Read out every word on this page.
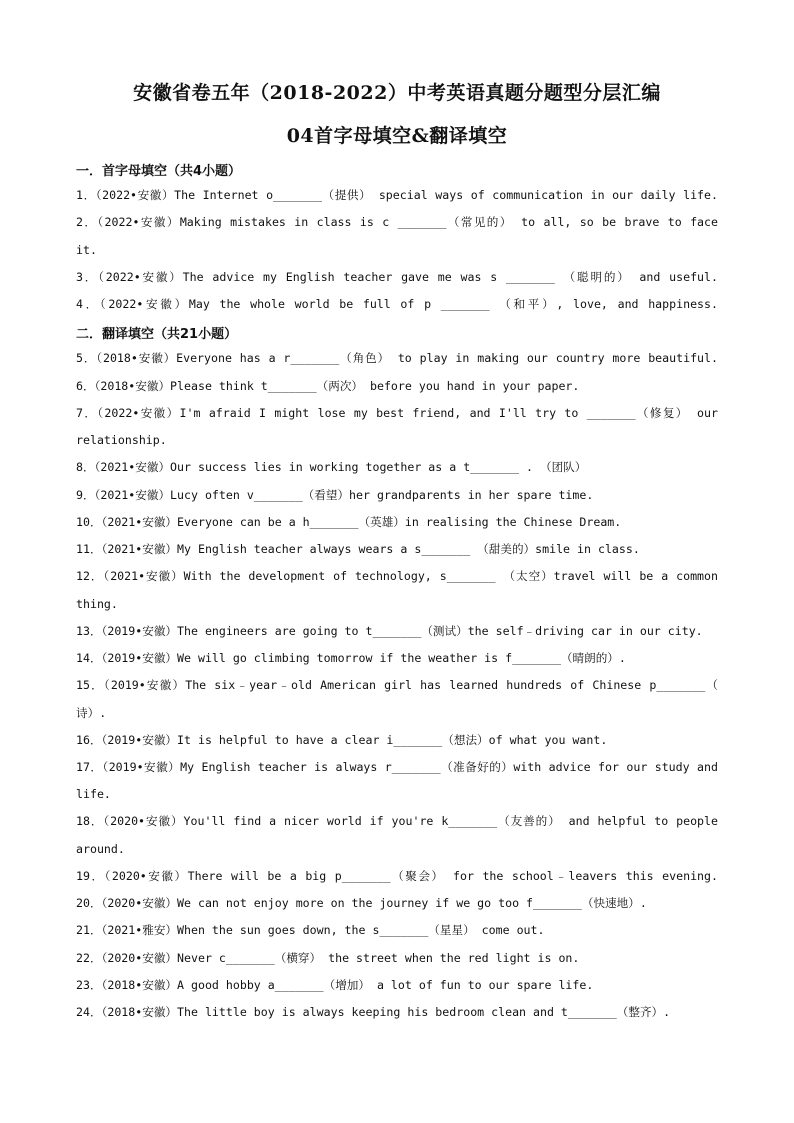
安徽省卷五年（2018-2022）中考英语真题分题型分层汇编
04首字母填空&翻译填空
一．首字母填空（共4小题）
1．（2022•安徽）The Internet o_______（提供） special ways of communication in our daily life.
2．（2022•安徽）Making mistakes in class is c _______（常见的） to all, so be brave to face
it.
3．（2022•安徽）The advice my English teacher gave me was s _______ （聪明的） and useful.
4．（2022•安徽）May the whole world be full of p _______ （和平）, love, and happiness.
二．翻译填空（共21小题）
5．（2018•安徽）Everyone has a r_______（角色） to play in making our country more beautiful.
6．（2018•安徽）Please think t_______（两次） before you hand in your paper.
7．（2022•安徽）I'm afraid I might lose my best friend, and I'll try to _______（修复） our
relationship.
8．（2021•安徽）Our success lies in working together as a t_______ . （团队）
9．（2021•安徽）Lucy often v_______（看望）her grandparents in her spare time.
10．（2021•安徽）Everyone can be a h_______（英雄）in realising the Chinese Dream.
11．（2021•安徽）My English teacher always wears a s_______ （甜美的）smile in class.
12．（2021•安徽）With the development of technology, s_______ （太空）travel will be a common
thing.
13．（2019•安徽）The engineers are going to t_______（测试）the self﹣driving car in our city.
14．（2019•安徽）We will go climbing tomorrow if the weather is f_______（晴朗的）.
15．（2019•安徽）The six﹣year﹣old American girl has learned hundreds of Chinese p_______（
诗）.
16．（2019•安徽）It is helpful to have a clear i_______（想法）of what you want.
17．（2019•安徽）My English teacher is always r_______（准备好的）with advice for our study and
life.
18．（2020•安徽）You'll find a nicer world if you're k_______（友善的） and helpful to people
around.
19．（2020•安徽）There will be a big p_______（聚会） for the school﹣leavers this evening.
20．（2020•安徽）We can not enjoy more on the journey if we go too f_______（快速地）.
21．（2021•雅安）When the sun goes down, the s_______（星星） come out.
22．（2020•安徽）Never c_______（横穿） the street when the red light is on.
23．（2018•安徽）A good hobby a_______（增加） a lot of fun to our spare life.
24．（2018•安徽）The little boy is always keeping his bedroom clean and t_______（整齐）.
